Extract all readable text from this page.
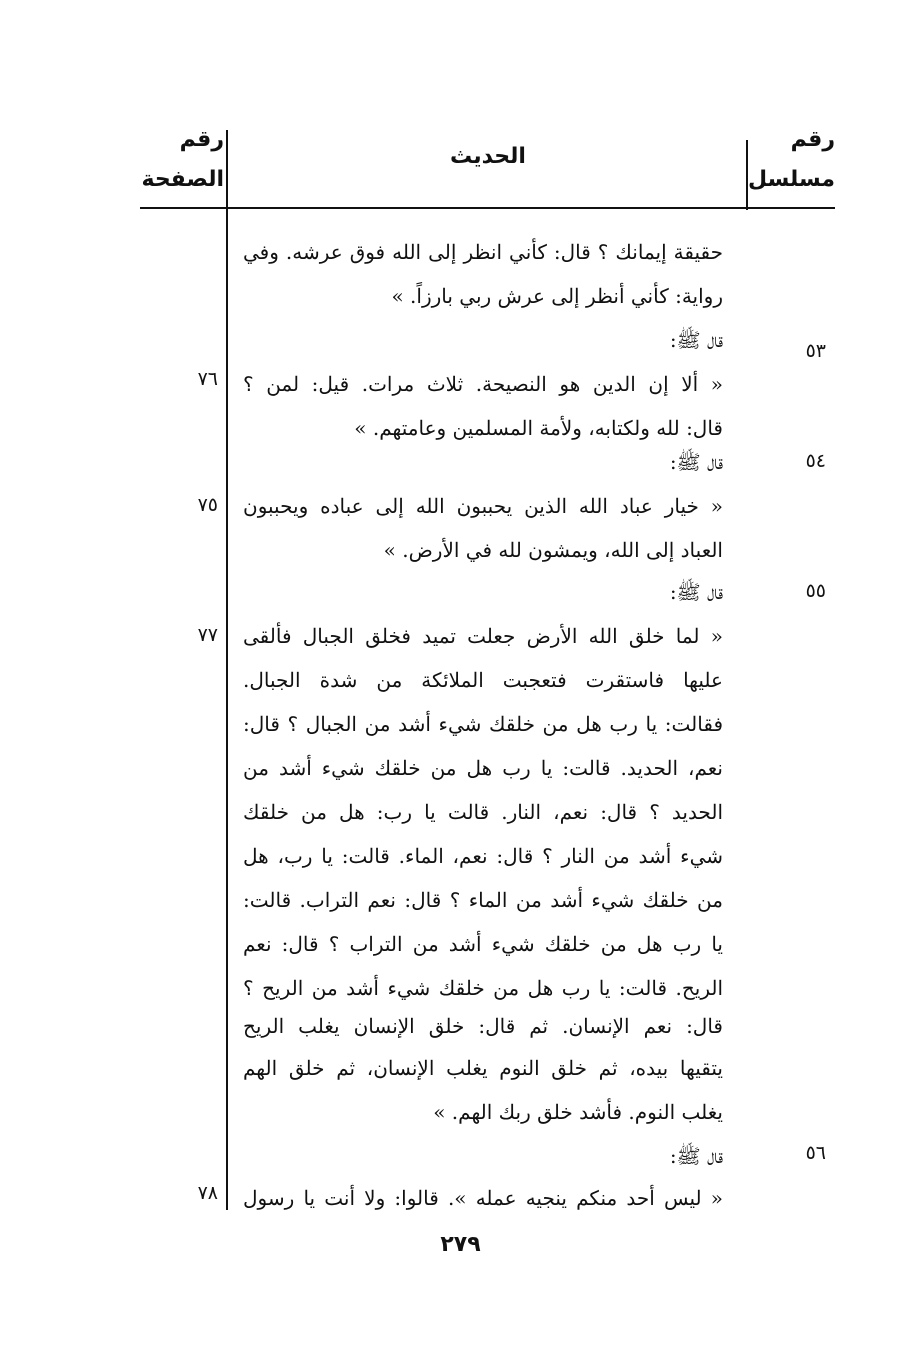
رقم
مسلسل
الحديث
رقم
الصفحة
حقيقة إيمانك ؟ قال: كأني انظر إلى الله فوق عرشه. وفي
رواية: كأني أنظر إلى عرش ربي بارزاً. »
قال ﷺ:
« ألا إن الدين هو النصيحة. ثلاث مرات. قيل: لمن ؟
قال: لله ولكتابه، ولأمة المسلمين وعامتهم. »
قال ﷺ:
« خيار عباد الله الذين يحببون الله إلى عباده ويحببون
العباد إلى الله، ويمشون لله في الأرض. »
قال ﷺ:
« لما خلق الله الأرض جعلت تميد فخلق الجبال فألقى
عليها فاستقرت فتعجبت الملائكة من شدة الجبال.
فقالت: يا رب هل من خلقك شيء أشد من الجبال ؟ قال:
نعم، الحديد. قالت: يا رب هل من خلقك شيء أشد من
الحديد ؟ قال: نعم، النار. قالت يا رب: هل من خلقك
شيء أشد من النار ؟ قال: نعم، الماء. قالت: يا رب، هل
من خلقك شيء أشد من الماء ؟ قال: نعم التراب. قالت:
يا رب هل من خلقك شيء أشد من التراب ؟ قال: نعم
الريح. قالت: يا رب هل من خلقك شيء أشد من الريح ؟
قال: نعم الإنسان. ثم قال: خلق الإنسان يغلب الريح
يتقيها بيده، ثم خلق النوم يغلب الإنسان، ثم خلق الهم
يغلب النوم. فأشد خلق ربك الهم. »
قال ﷺ:
« ليس أحد منكم ينجيه عمله ». قالوا: ولا أنت يا رسول
٥٣
٥٤
٥٥
٥٦
٧٦
٧٥
٧٧
٧٨
٢٧٩
